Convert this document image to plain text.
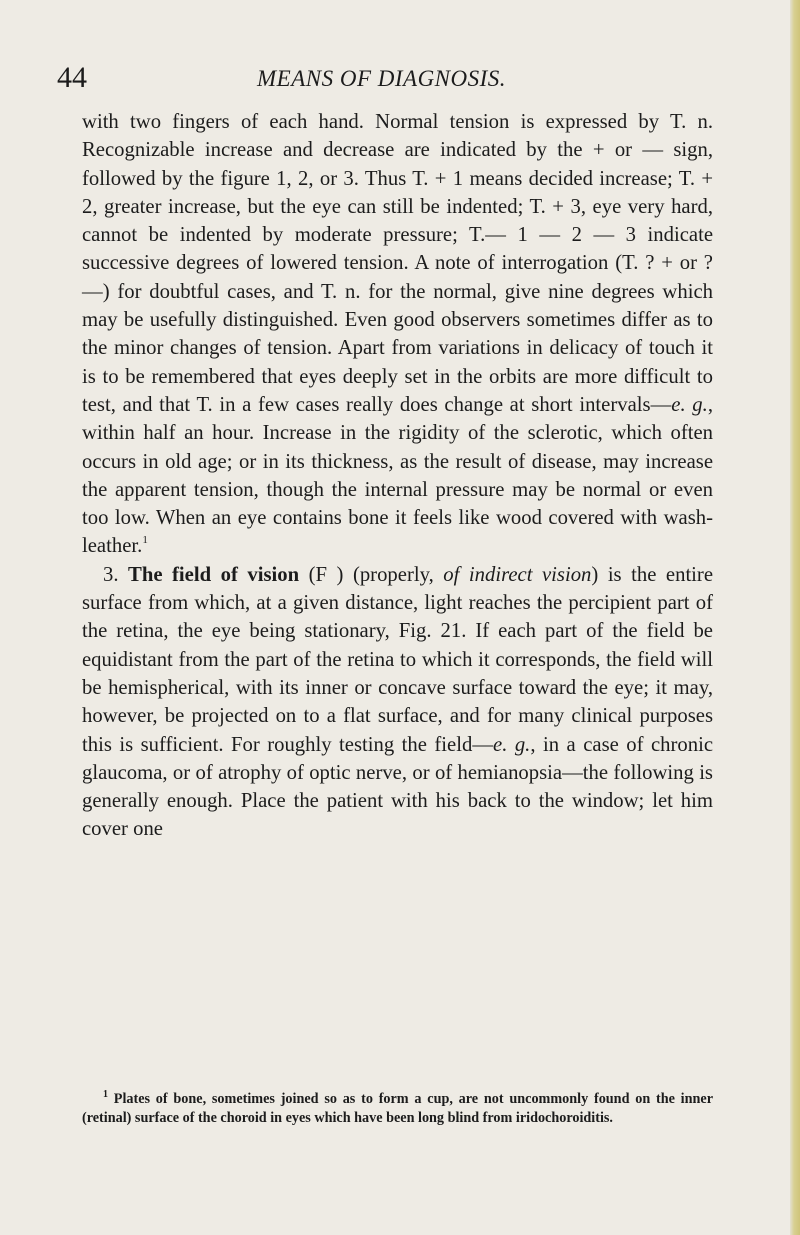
44	MEANS OF DIAGNOSIS.

with two fingers of each hand. Normal tension is expressed by T. n. Recognizable increase and decrease are indicated by the + or — sign, followed by the figure 1, 2, or 3. Thus T. + 1 means decided increase; T. + 2, greater increase, but the eye can still be indented; T. + 3, eye very hard, cannot be indented by moderate pressure; T.— 1 — 2 — 3 indicate successive degrees of lowered tension. A note of interrogation (T. ? + or ? —) for doubtful cases, and T. n. for the normal, give nine degrees which may be usefully distinguished. Even good observers sometimes differ as to the minor changes of tension. Apart from variations in delicacy of touch it is to be remembered that eyes deeply set in the orbits are more difficult to test, and that T. in a few cases really does change at short intervals—e. g., within half an hour. Increase in the rigidity of the sclerotic, which often occurs in old age; or in its thickness, as the result of disease, may increase the apparent tension, though the internal pressure may be normal or even too low. When an eye contains bone it feels like wood covered with wash-leather.$^1$

3. The field of vision (F ) (properly, of indirect vision) is the entire surface from which, at a given distance, light reaches the percipient part of the retina, the eye being stationary, Fig. 21. If each part of the field be equidistant from the part of the retina to which it corresponds, the field will be hemispherical, with its inner or concave surface toward the eye; it may, however, be projected on to a flat surface, and for many clinical purposes this is sufficient. For roughly testing the field—e. g., in a case of chronic glaucoma, or of atrophy of optic nerve, or of hemianopsia—the following is generally enough. Place the patient with his back to the window; let him cover one

$^1$ Plates of bone, sometimes joined so as to form a cup, are not uncommonly found on the inner (retinal) surface of the choroid in eyes which have been long blind from iridochoroiditis.
